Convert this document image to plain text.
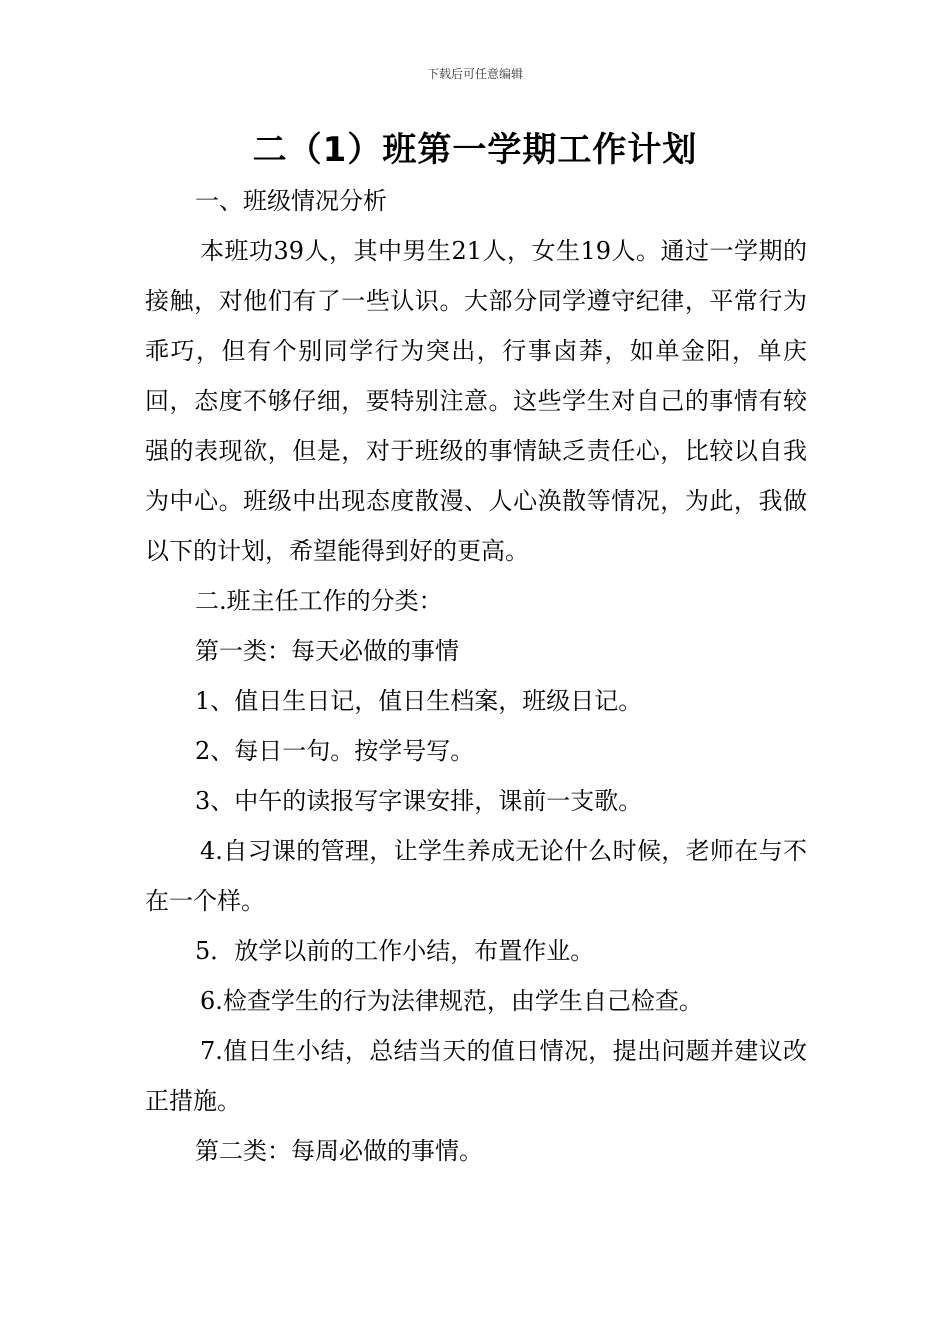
下载后可任意编辑
二（1）班第一学期工作计划

一、班级情况分析

本班功39人，其中男生21人，女生19人。通过一学期的接触，对他们有了一些认识。大部分同学遵守纪律，平常行为乖巧，但有个别同学行为突出，行事卤莽，如单金阳，单庆回，态度不够仔细，要特别注意。这些学生对自己的事情有较强的表现欲，但是，对于班级的事情缺乏责任心，比较以自我为中心。班级中出现态度散漫、人心涣散等情况，为此，我做以下的计划，希望能得到好的更高。

二.班主任工作的分类：

第一类：每天必做的事情

1、值日生日记，值日生档案，班级日记。

2、每日一句。按学号写。

3、中午的读报写字课安排，课前一支歌。

4.自习课的管理，让学生养成无论什么时候，老师在与不在一个样。

5．放学以前的工作小结，布置作业。

6.检查学生的行为法律规范，由学生自己检查。

7.值日生小结，总结当天的值日情况，提出问题并建议改正措施。

第二类：每周必做的事情。
